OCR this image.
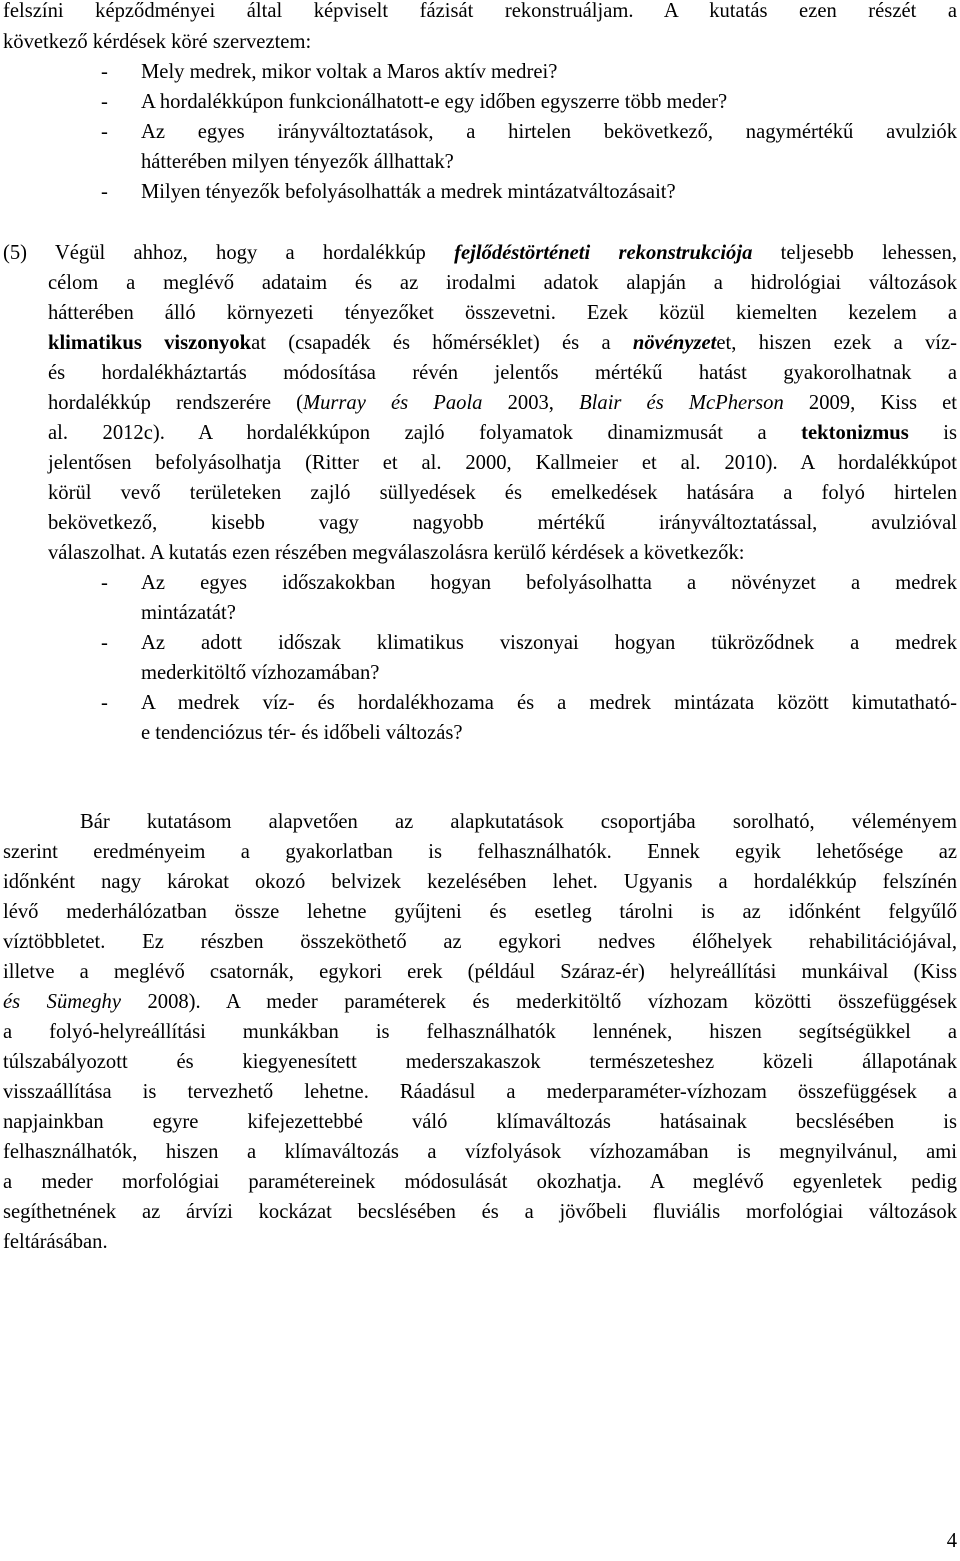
felszíni képződményei által képviselt fázisát rekonstruáljam. A kutatás ezen részét a
következő kérdések köré szerveztem:
- Mely medrek, mikor voltak a Maros aktív medrei?
- A hordalékkúpon funkcionálhatott-e egy időben egyszerre több meder?
- Az egyes irányváltoztatások, a hirtelen bekövetkező, nagymértékű avulziók
hátterében milyen tényezők állhattak?
- Milyen tényezők befolyásolhatták a medrek mintázatváltozásait?
(5) Végül ahhoz, hogy a hordalékkúp fejlődéstörténeti rekonstrukciója teljesebb lehessen,
célom a meglévő adataim és az irodalmi adatok alapján a hidrológiai változások
hátterében álló környezeti tényezőket összevetni. Ezek közül kiemelten kezelem a
klimatikus viszonyokat (csapadék és hőmérséklet) és a növényzetet, hiszen ezek a víz-
és hordalékháztartás módosítása révén jelentős mértékű hatást gyakorolhatnak a
hordalékkúp rendszerére (Murray és Paola 2003, Blair és McPherson 2009, Kiss et
al. 2012c). A hordalékkúpon zajló folyamatok dinamizmusát a tektonizmus is
jelentősen befolyásolhatja (Ritter et al. 2000, Kallmeier et al. 2010). A hordalékkúpot
körül vevő területeken zajló süllyedések és emelkedések hatására a folyó hirtelen
bekövetkező, kisebb vagy nagyobb mértékű irányváltoztatással, avulzióval
válaszolhat. A kutatás ezen részében megválaszolásra kerülő kérdések a következők:
- Az egyes időszakokban hogyan befolyásolhatta a növényzet a medrek
mintázatát?
- Az adott időszak klimatikus viszonyai hogyan tükröződnek a medrek
mederkitöltő vízhozamában?
- A medrek víz- és hordalékhozama és a medrek mintázata között kimutatható-
e tendenciózus tér- és időbeli változás?
Bár kutatásom alapvetően az alapkutatások csoportjába sorolható, véleményem
szerint eredményeim a gyakorlatban is felhasználhatók. Ennek egyik lehetősége az
időnként nagy károkat okozó belvizek kezelésében lehet. Ugyanis a hordalékkúp felszínén
lévő mederhálózatban össze lehetne gyűjteni és esetleg tárolni is az időnként felgyűlő
víztöbbletet. Ez részben összeköthető az egykori nedves élőhelyek rehabilitációjával,
illetve a meglévő csatornák, egykori erek (például Száraz-ér) helyreállítási munkáival (Kiss
és Sümeghy 2008). A meder paraméterek és mederkitöltő vízhozam közötti összefüggések
a folyó-helyreállítási munkákban is felhasználhatók lennének, hiszen segítségükkel a
túlszabályozott és kiegyenesített mederszakaszok természeteshez közeli állapotának
visszaállítása is tervezhető lehetne. Ráadásul a mederparaméter-vízhozam összefüggések a
napjainkban egyre kifejezettebbé váló klímaváltozás hatásainak becslésében is
felhasználhatók, hiszen a klímaváltozás a vízfolyások vízhozamában is megnyilvánul, ami
a meder morfológiai paramétereinek módosulását okozhatja. A meglévő egyenletek pedig
segíthetnének az árvízi kockázat becslésében és a jövőbeli fluviális morfológiai változások
feltárásában.
4
